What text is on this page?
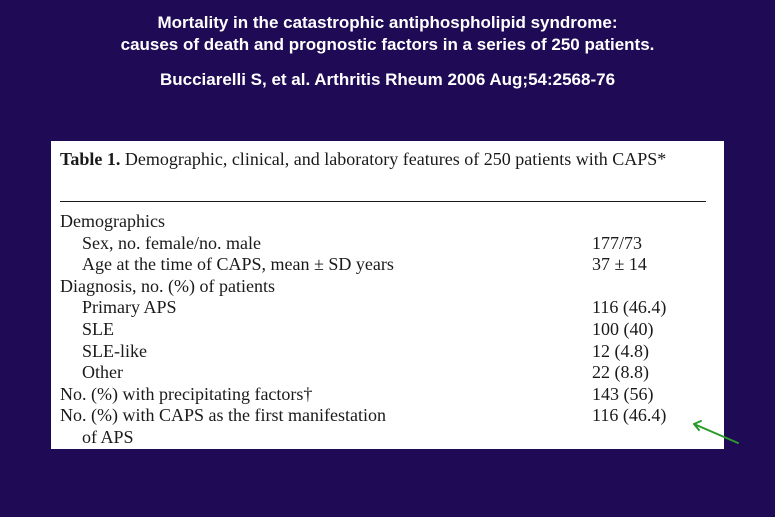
Mortality in the catastrophic antiphospholipid syndrome:
causes of death and prognostic factors in a series of 250 patients.
Bucciarelli S, et al. Arthritis Rheum 2006 Aug;54:2568-76
Table 1. Demographic, clinical, and laboratory features of 250 patients with CAPS*
Demographics
Sex, no. female/no. male	177/73
Age at the time of CAPS, mean ± SD years	37 ± 14
Diagnosis, no. (%) of patients
Primary APS	116 (46.4)
SLE	100 (40)
SLE-like	12 (4.8)
Other	22 (8.8)
No. (%) with precipitating factors†	143 (56)
No. (%) with CAPS as the first manifestation	116 (46.4)
of APS
